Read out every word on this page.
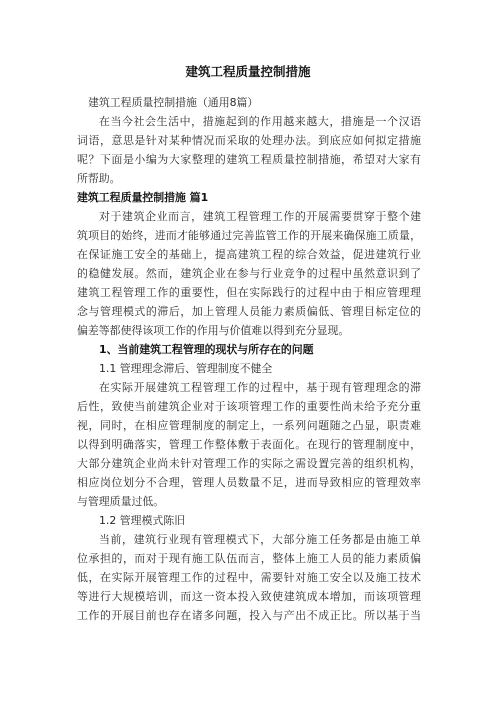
建筑工程质量控制措施
建筑工程质量控制措施（通用8篇）
在当今社会生活中，措施起到的作用越来越大，措施是一个汉语
词语，意思是针对某种情况而采取的处理办法。到底应如何拟定措施
呢？下面是小编为大家整理的建筑工程质量控制措施，希望对大家有
所帮助。
建筑工程质量控制措施 篇1
对于建筑企业而言，建筑工程管理工作的开展需要贯穿于整个建
筑项目的始终，进而才能够通过完善监管工作的开展来确保施工质量，
在保证施工安全的基础上，提高建筑工程的综合效益，促进建筑行业
的稳健发展。然而，建筑企业在参与行业竞争的过程中虽然意识到了
建筑工程管理工作的重要性，但在实际践行的过程中由于相应管理理
念与管理模式的滞后，加上管理人员能力素质偏低、管理目标定位的
偏差等都使得该项工作的作用与价值难以得到充分显现。
1、当前建筑工程管理的现状与所存在的问题
1.1 管理理念滞后、管理制度不健全
在实际开展建筑工程管理工作的过程中，基于现有管理理念的滞
后性，致使当前建筑企业对于该项管理工作的重要性尚未给予充分重
视，同时，在相应管理制度的制定上，一系列问题随之凸显，职责难
以得到明确落实，管理工作整体敷于表面化。在现行的管理制度中，
大部分建筑企业尚未针对管理工作的实际之需设置完善的组织机构，
相应岗位划分不合理，管理人员数量不足，进而导致相应的管理效率
与管理质量过低。
1.2 管理模式陈旧
当前，建筑行业现有管理模式下，大部分施工任务都是由施工单
位承担的，而对于现有施工队伍而言，整体上施工人员的能力素质偏
低，在实际开展管理工作的过程中，需要针对施工安全以及施工技术
等进行大规模培训，而这一资本投入致使建筑成本增加，而该项管理
工作的开展目前也存在诸多问题，投入与产出不成正比。所以基于当
